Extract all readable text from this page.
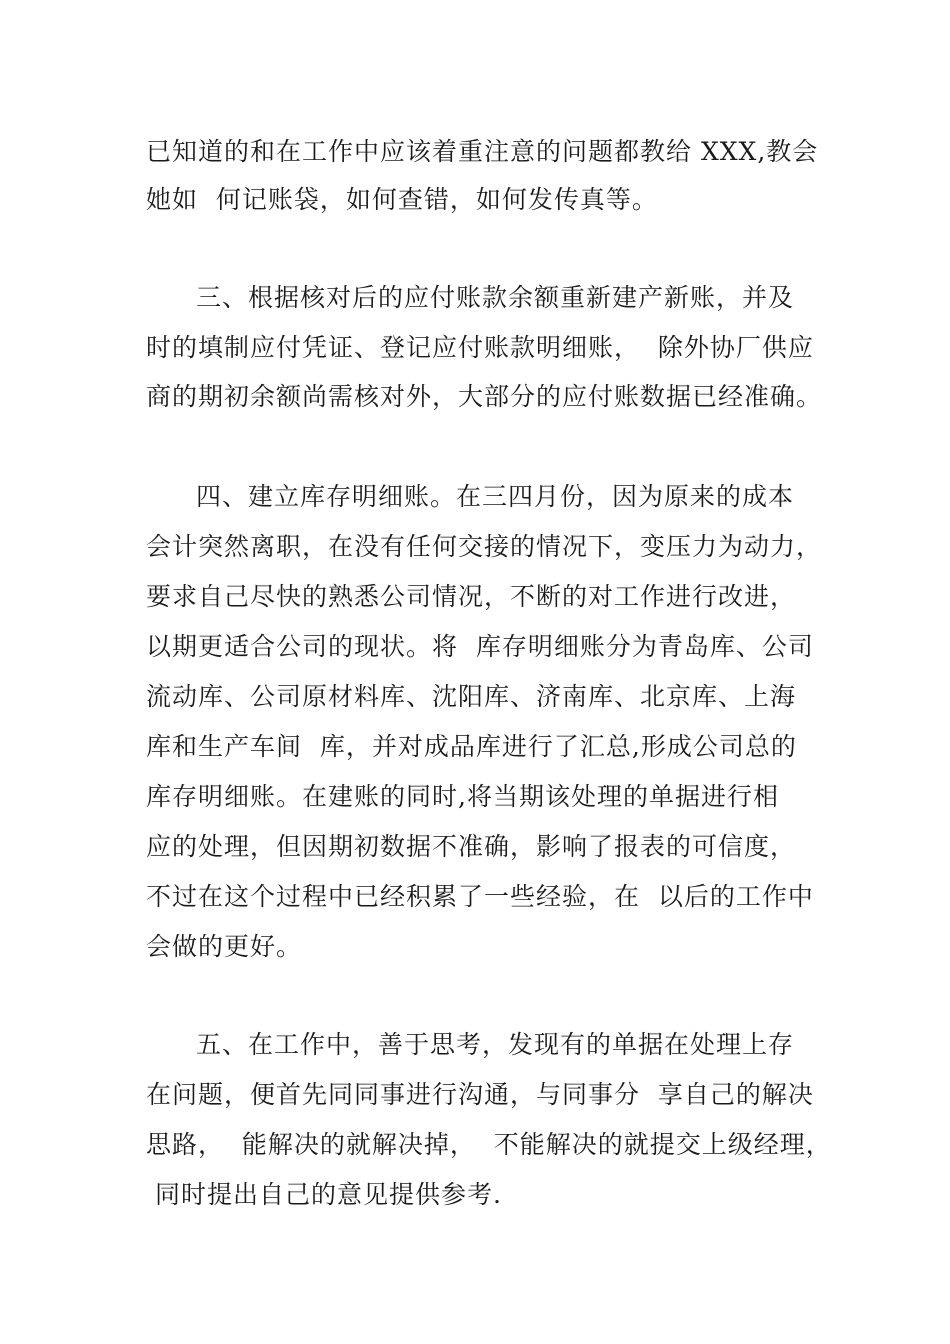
已知道的和在工作中应该着重注意的问题都教给 XXX,教会
她如  何记账袋，如何查错，如何发传真等。
三、根据核对后的应付账款余额重新建产新账，并及
时的填制应付凭证、登记应付账款明细账，  除外协厂供应
商的期初余额尚需核对外，大部分的应付账数据已经准确。
四、建立库存明细账。在三四月份，因为原来的成本
会计突然离职，在没有任何交接的情况下，变压力为动力，
要求自己尽快的熟悉公司情况，不断的对工作进行改进，
以期更适合公司的现状。将  库存明细账分为青岛库、公司
流动库、公司原材料库、沈阳库、济南库、北京库、上海
库和生产车间  库，并对成品库进行了汇总,形成公司总的
库存明细账。在建账的同时,将当期该处理的单据进行相
应的处理，但因期初数据不准确，影响了报表的可信度，
不过在这个过程中已经积累了一些经验，在  以后的工作中
会做的更好。
五、在工作中，善于思考，发现有的单据在处理上存
在问题，便首先同同事进行沟通，与同事分  享自己的解决
思路，  能解决的就解决掉，  不能解决的就提交上级经理，
同时提出自己的意见提供参考.
